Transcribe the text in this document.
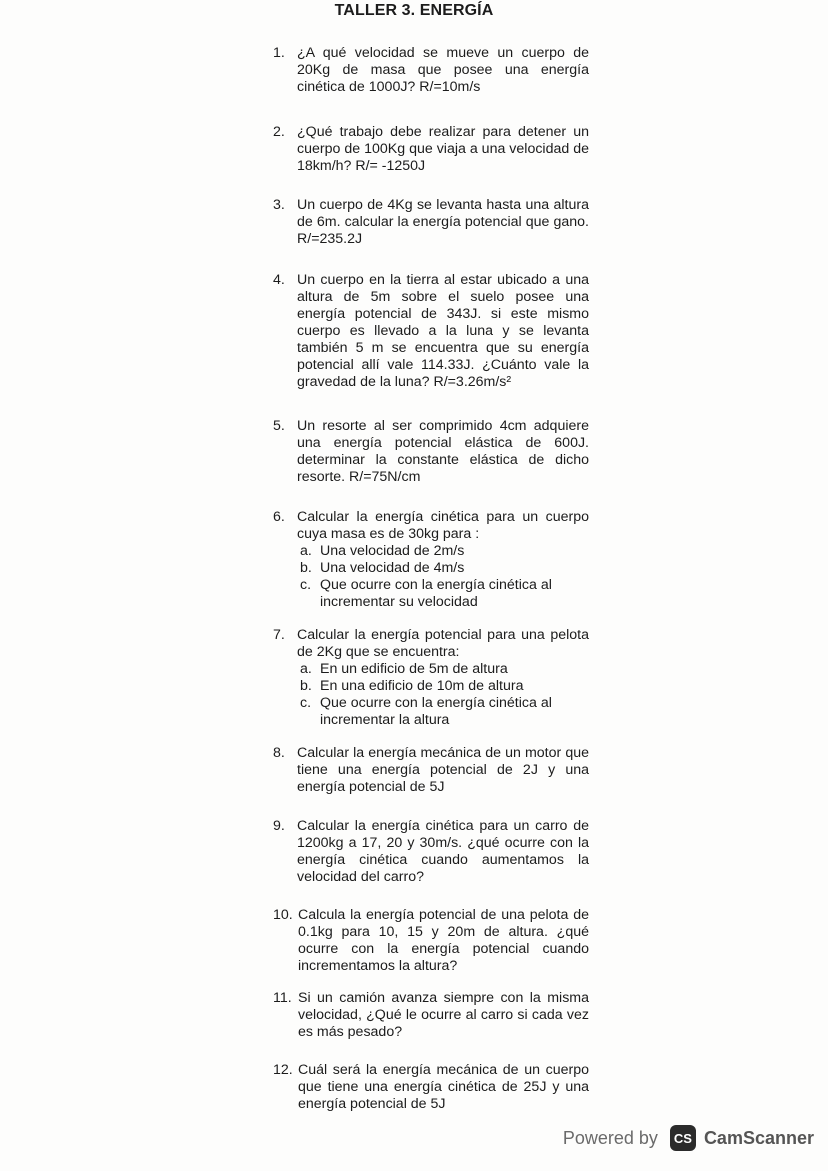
TALLER 3. ENERGÍA
1. ¿A qué velocidad se mueve un cuerpo de 20Kg de masa que posee una energía cinética de 1000J? R/=10m/s
2. ¿Qué trabajo debe realizar para detener un cuerpo de 100Kg que viaja a una velocidad de 18km/h? R/= -1250J
3. Un cuerpo de 4Kg se levanta hasta una altura de 6m. calcular la energía potencial que gano. R/=235.2J
4. Un cuerpo en la tierra al estar ubicado a una altura de 5m sobre el suelo posee una energía potencial de 343J. si este mismo cuerpo es llevado a la luna y se levanta también 5 m se encuentra que su energía potencial allí vale 114.33J. ¿Cuánto vale la gravedad de la luna? R/=3.26m/s²
5. Un resorte al ser comprimido 4cm adquiere una energía potencial elástica de 600J. determinar la constante elástica de dicho resorte. R/=75N/cm
6. Calcular la energía cinética para un cuerpo cuya masa es de 30kg para :
a. Una velocidad de 2m/s
b. Una velocidad de 4m/s
c. Que ocurre con la energía cinética al incrementar su velocidad
7. Calcular la energía potencial para una pelota de 2Kg que se encuentra:
a. En un edificio de 5m de altura
b. En una edificio de 10m de altura
c. Que ocurre con la energía cinética al incrementar la altura
8. Calcular la energía mecánica de un motor que tiene una energía potencial de 2J y una energía potencial de 5J
9. Calcular la energía cinética para un carro de 1200kg a 17, 20 y 30m/s. ¿qué ocurre con la energía cinética cuando aumentamos la velocidad del carro?
10. Calcula la energía potencial de una pelota de 0.1kg para 10, 15 y 20m de altura. ¿qué ocurre con la energía potencial cuando incrementamos la altura?
11. Si un camión avanza siempre con la misma velocidad, ¿Qué le ocurre al carro si cada vez es más pesado?
12. Cuál será la energía mecánica de un cuerpo que tiene una energía cinética de 25J y una energía potencial de 5J
Powered by	CS CamScanner
